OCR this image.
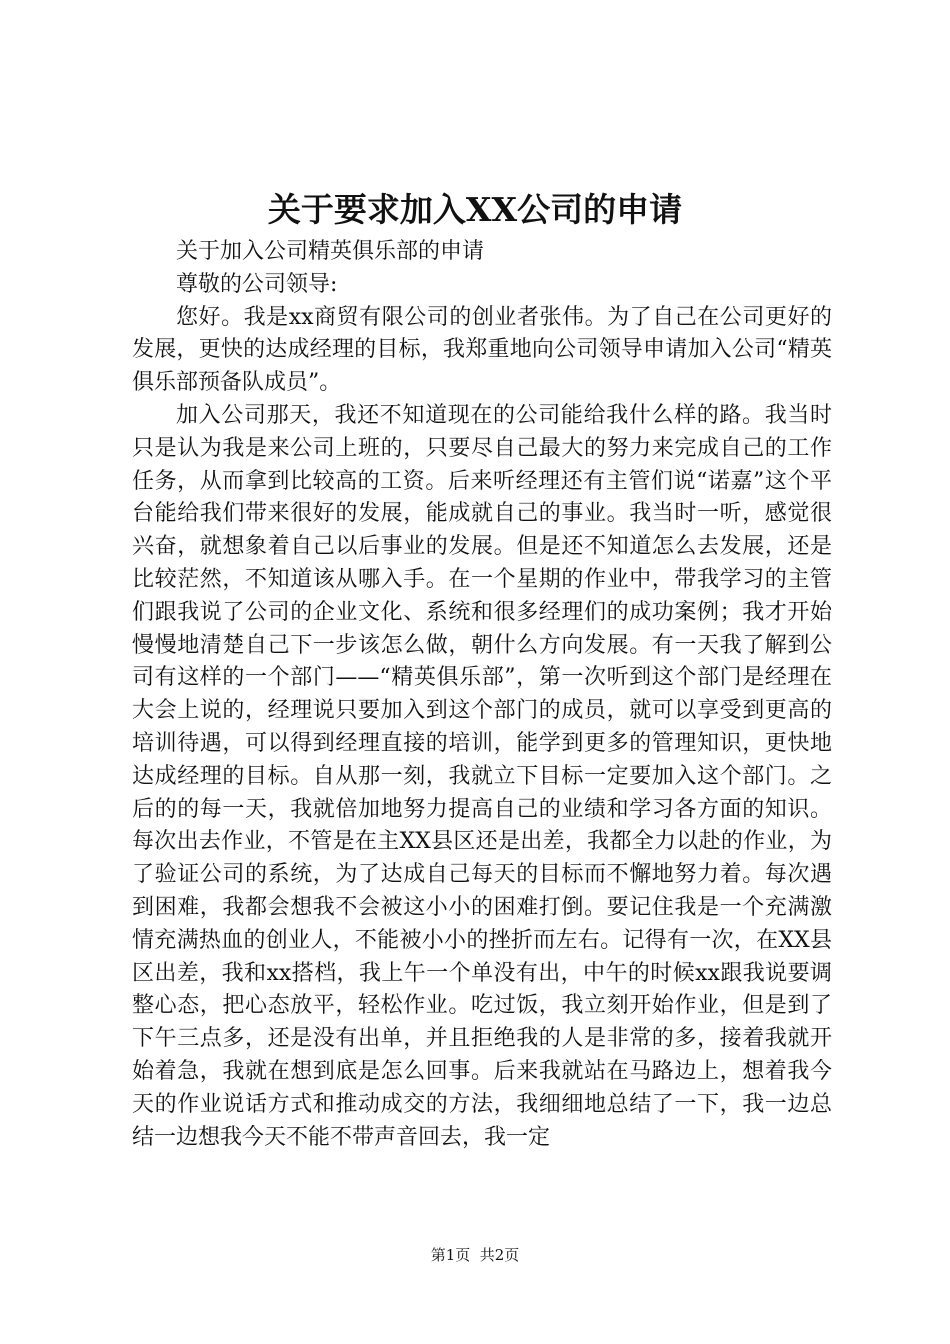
关于要求加入XX公司的申请

关于加入公司精英俱乐部的申请

尊敬的公司领导:

您好。我是xx商贸有限公司的创业者张伟。为了自己在公司更好的发展，更快的达成经理的目标，我郑重地向公司领导申请加入公司“精英俱乐部预备队成员”。

加入公司那天，我还不知道现在的公司能给我什么样的路。我当时只是认为我是来公司上班的，只要尽自己最大的努力来完成自己的工作任务，从而拿到比较高的工资。后来听经理还有主管们说“诺嘉”这个平台能给我们带来很好的发展，能成就自己的事业。我当时一听，感觉很兴奋，就想象着自己以后事业的发展。但是还不知道怎么去发展，还是比较茫然，不知道该从哪入手。在一个星期的作业中，带我学习的主管们跟我说了公司的企业文化、系统和很多经理们的成功案例；我才开始慢慢地清楚自己下一步该怎么做，朝什么方向发展。有一天我了解到公司有这样的一个部门——“精英俱乐部”，第一次听到这个部门是经理在大会上说的，经理说只要加入到这个部门的成员，就可以享受到更高的培训待遇，可以得到经理直接的培训，能学到更多的管理知识，更快地达成经理的目标。自从那一刻，我就立下目标一定要加入这个部门。之后的的每一天，我就倍加地努力提高自己的业绩和学习各方面的知识。每次出去作业，不管是在主XX县区还是出差，我都全力以赴的作业，为了验证公司的系统，为了达成自己每天的目标而不懈地努力着。每次遇到困难，我都会想我不会被这小小的困难打倒。要记住我是一个充满激情充满热血的创业人，不能被小小的挫折而左右。记得有一次，在XX县区出差，我和xx搭档，我上午一个单没有出，中午的时候xx跟我说要调整心态，把心态放平，轻松作业。吃过饭，我立刻开始作业，但是到了下午三点多，还是没有出单，并且拒绝我的人是非常的多，接着我就开始着急，我就在想到底是怎么回事。后来我就站在马路边上，想着我今天的作业说话方式和推动成交的方法，我细细地总结了一下，我一边总结一边想我今天不能不带声音回去，我一定

第1页  共2页
